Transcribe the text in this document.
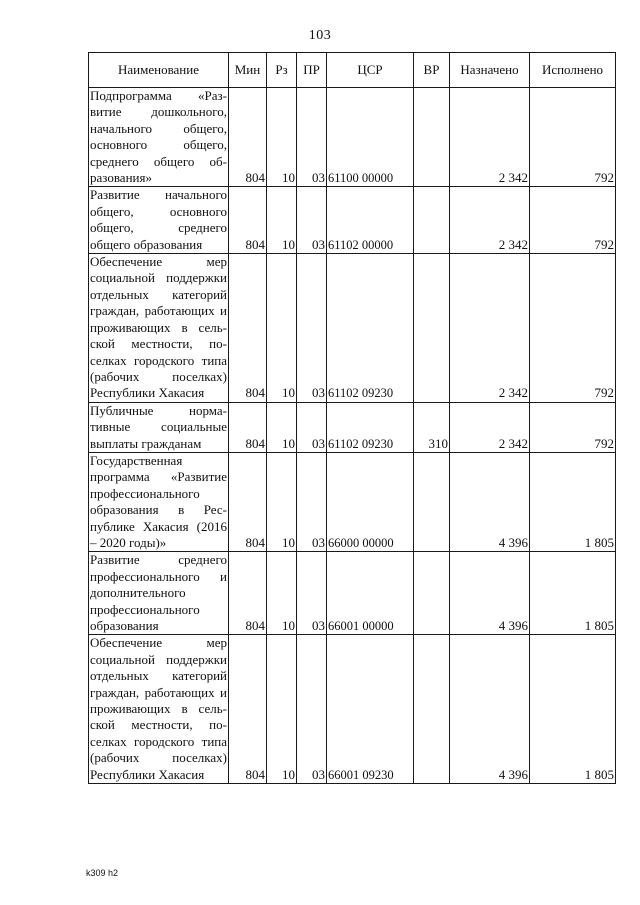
103
Наименование	Мин	Рз	ПР	ЦСР	ВР	Назначено	Исполнено
Подпрограмма «Развитие дошкольного, начального общего, основного общего, среднего общего образования»	804	10	03	61100 00000		2 342	792
Развитие начального общего, основного общего, среднего общего образования	804	10	03	61102 00000		2 342	792
Обеспечение мер социальной поддержки отдельных категорий граждан, работающих и проживающих в сельской местности, поселках городского типа (рабочих поселках) Республики Хакасия	804	10	03	61102 09230		2 342	792
Публичные нормативные социальные выплаты гражданам	804	10	03	61102 09230	310	2 342	792
Государственная программа «Развитие профессионального образования в Республике Хакасия (2016 – 2020 годы)»	804	10	03	66000 00000		4 396	1 805
Развитие среднего профессионального и дополнительного профессионального образования	804	10	03	66001 00000		4 396	1 805
Обеспечение мер социальной поддержки отдельных категорий граждан, работающих и проживающих в сельской местности, поселках городского типа (рабочих поселках) Республики Хакасия	804	10	03	66001 09230		4 396	1 805
k309 h2
